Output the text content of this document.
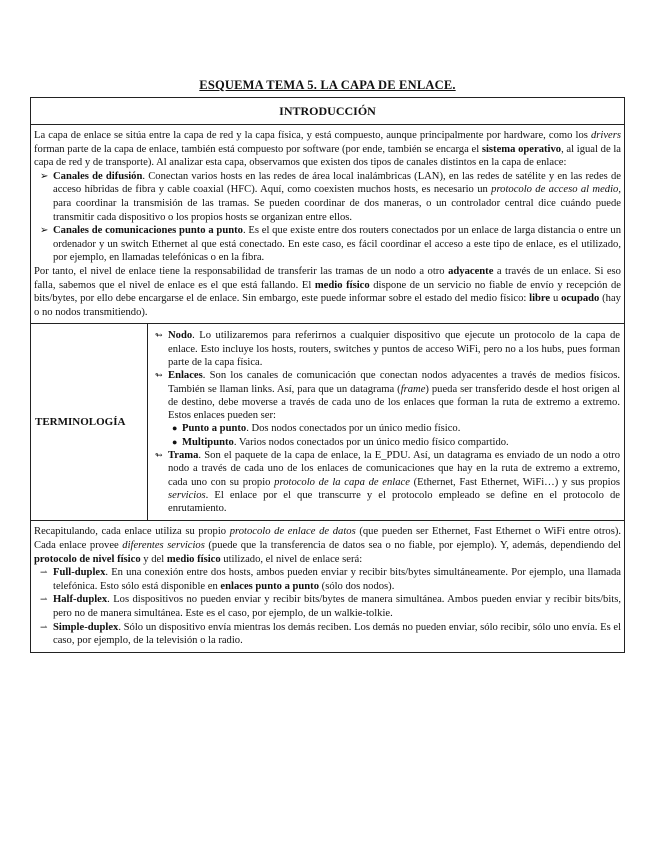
ESQUEMA TEMA 5. LA CAPA DE ENLACE.
INTRODUCCIÓN

La capa de enlace se sitúa entre la capa de red y la capa física, y está compuesto, aunque principalmente por hardware, como los drivers forman parte de la capa de enlace, también está compuesto por software (por ende, también se encarga el sistema operativo, al igual de la capa de red y de transporte). Al analizar esta capa, observamos que existen dos tipos de canales distintos en la capa de enlace:

➢ Canales de difusión. Conectan varios hosts en las redes de área local inalámbricas (LAN), en las redes de satélite y en las redes de acceso híbridas de fibra y cable coaxial (HFC). Aquí, como coexisten muchos hosts, es necesario un protocolo de acceso al medio, para coordinar la transmisión de las tramas. Se pueden coordinar de dos maneras, o un controlador central dice cuándo puede transmitir cada dispositivo o los propios hosts se organizan entre ellos.

➢ Canales de comunicaciones punto a punto. Es el que existe entre dos routers conectados por un enlace de larga distancia o entre un ordenador y un switch Ethernet al que está conectado. En este caso, es fácil coordinar el acceso a este tipo de enlace, es el utilizado, por ejemplo, en llamadas telefónicas o en la fibra.

Por tanto, el nivel de enlace tiene la responsabilidad de transferir las tramas de un nodo a otro adyacente a través de un enlace. Si eso falla, sabemos que el nivel de enlace es el que está fallando. El medio físico dispone de un servicio no fiable de envío y recepción de bits/bytes, por ello debe encargarse el de enlace. Sin embargo, este puede informar sobre el estado del medio físico: libre u ocupado (hay o no nodos transmitiendo).

TERMINOLOGÍA

↬ Nodo. Lo utilizaremos para referirnos a cualquier dispositivo que ejecute un protocolo de la capa de enlace. Esto incluye los hosts, routers, switches y puntos de acceso WiFi, pero no a los hubs, pues forman parte de la capa física.

↬ Enlaces. Son los canales de comunicación que conectan nodos adyacentes a través de medios físicos. También se llaman links. Así, para que un datagrama (frame) pueda ser transferido desde el host origen al de destino, debe moverse a través de cada uno de los enlaces que forman la ruta de extremo a extremo. Estos enlaces pueden ser:

● Punto a punto. Dos nodos conectados por un único medio físico.

● Multipunto. Varios nodos conectados por un único medio físico compartido.

↬ Trama. Son el paquete de la capa de enlace, la E_PDU. Así, un datagrama es enviado de un nodo a otro nodo a través de cada uno de los enlaces de comunicaciones que hay en la ruta de extremo a extremo, cada uno con su propio protocolo de la capa de enlace (Ethernet, Fast Ethernet, WiFi…) y sus propios servicios. El enlace por el que transcurre y el protocolo empleado se define en el protocolo de enrutamiento.

Recapitulando, cada enlace utiliza su propio protocolo de enlace de datos (que pueden ser Ethernet, Fast Ethernet o WiFi entre otros). Cada enlace provee diferentes servicios (puede que la transferencia de datos sea o no fiable, por ejemplo). Y, además, dependiendo del protocolo de nivel físico y del medio físico utilizado, el nivel de enlace será:

⇀ Full-duplex. En una conexión entre dos hosts, ambos pueden enviar y recibir bits/bytes simultáneamente. Por ejemplo, una llamada telefónica. Esto sólo está disponible en enlaces punto a punto (sólo dos nodos).

⇀ Half-duplex. Los dispositivos no pueden enviar y recibir bits/bytes de manera simultánea. Ambos pueden enviar y recibir bits/bits, pero no de manera simultánea. Este es el caso, por ejemplo, de un walkie-tolkie.

⇀ Simple-duplex. Sólo un dispositivo envía mientras los demás reciben. Los demás no pueden enviar, sólo recibir, sólo uno envía. Es el caso, por ejemplo, de la televisión o la radio.
